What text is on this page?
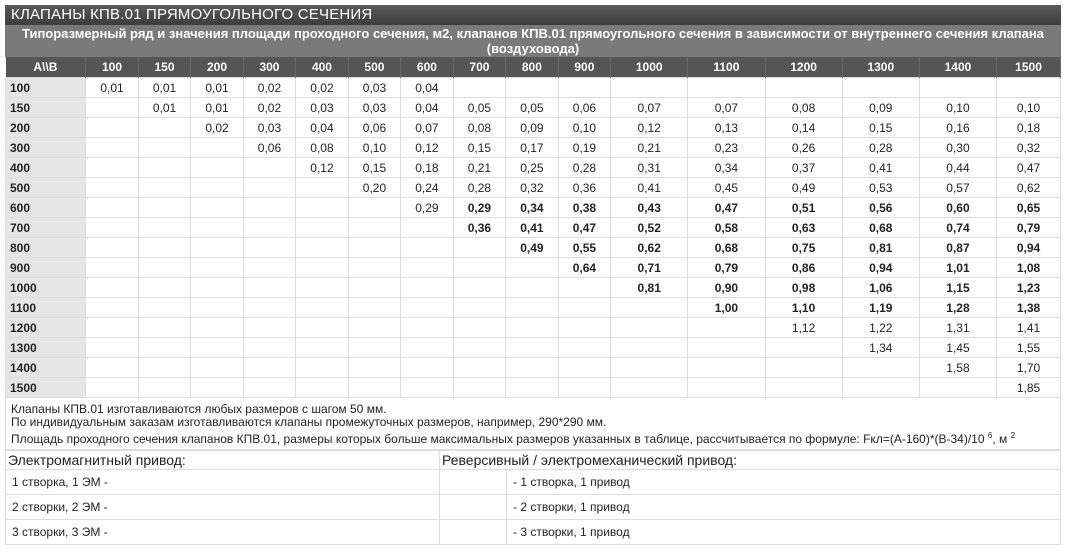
КЛАПАНЫ КПВ.01 ПРЯМОУГОЛЬНОГО СЕЧЕНИЯ
Типоразмерный ряд и значения площади проходного сечения, м2, клапанов КПВ.01 прямоугольного сечения в зависимости от внутреннего сечения клапана (воздуховода)
A\\B	100	150	200	300	400	500	600	700	800	900	1000	1100	1200	1300	1400	1500
100	0,01	0,01	0,01	0,02	0,02	0,03	0,04									
150		0,01	0,01	0,02	0,03	0,03	0,04	0,05	0,05	0,06	0,07	0,07	0,08	0,09	0,10	0,10
200			0,02	0,03	0,04	0,06	0,07	0,08	0,09	0,10	0,12	0,13	0,14	0,15	0,16	0,18
300				0,06	0,08	0,10	0,12	0,15	0,17	0,19	0,21	0,23	0,26	0,28	0,30	0,32
400					0,12	0,15	0,18	0,21	0,25	0,28	0,31	0,34	0,37	0,41	0,44	0,47
500						0,20	0,24	0,28	0,32	0,36	0,41	0,45	0,49	0,53	0,57	0,62
600							0,29	0,29	0,34	0,38	0,43	0,47	0,51	0,56	0,60	0,65
700								0,36	0,41	0,47	0,52	0,58	0,63	0,68	0,74	0,79
800									0,49	0,55	0,62	0,68	0,75	0,81	0,87	0,94
900										0,64	0,71	0,79	0,86	0,94	1,01	1,08
1000											0,81	0,90	0,98	1,06	1,15	1,23
1100												1,00	1,10	1,19	1,28	1,38
1200													1,12	1,22	1,31	1,41
1300														1,34	1,45	1,55
1400															1,58	1,70
1500																1,85
Клапаны КПВ.01 изготавливаются любых размеров с шагом 50 мм.
По индивидуальным заказам изготавливаются клапаны промежуточных размеров, например, 290*290 мм.
Площадь проходного сечения клапанов КПВ.01, размеры которых больше максимальных размеров указанных в таблице, рассчитывается по формуле: Fкл=(A-160)*(B-34)/10 $^6$, м $^2$
Электромагнитный привод:	Реверсивный / электромеханический привод:	
1 створка, 1 ЭМ -		- 1 створка, 1 привод
2 створки, 2 ЭМ -		- 2 створки, 1 привод
3 створки, 3 ЭМ -		- 3 створки, 1 привод
